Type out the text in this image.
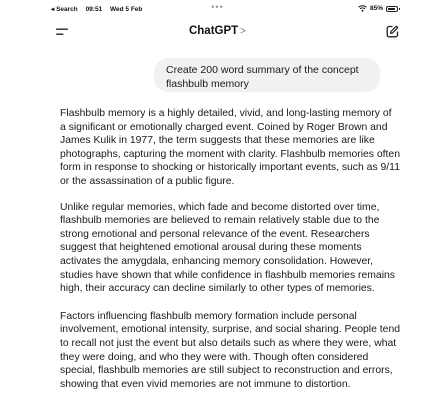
◂ Search 09:51 Wed 5 Feb	•••	85%
ChatGPT >
Create 200 word summary of the concept flashbulb memory

Flashbulb memory is a highly detailed, vivid, and long-lasting memory of a significant or emotionally charged event. Coined by Roger Brown and James Kulik in 1977, the term suggests that these memories are like photographs, capturing the moment with clarity. Flashbulb memories often form in response to shocking or historically important events, such as 9/11 or the assassination of a public figure.

Unlike regular memories, which fade and become distorted over time, flashbulb memories are believed to remain relatively stable due to the strong emotional and personal relevance of the event. Researchers suggest that heightened emotional arousal during these moments activates the amygdala, enhancing memory consolidation. However, studies have shown that while confidence in flashbulb memories remains high, their accuracy can decline similarly to other types of memories.

Factors influencing flashbulb memory formation include personal involvement, emotional intensity, surprise, and social sharing. People tend to recall not just the event but also details such as where they were, what they were doing, and who they were with. Though often considered special, flashbulb memories are still subject to reconstruction and errors, showing that even vivid memories are not immune to distortion.
